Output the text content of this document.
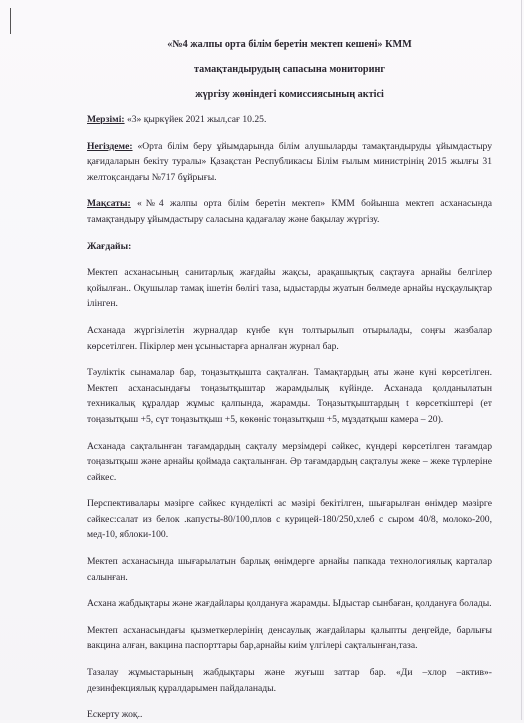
«№4 жалпы орта білім беретін мектеп кешені» КММ

тамақтандырудың сапасына мониторинг

жүргізу жөніндегі комиссиясының актісі

Мерзімі: «3» қыркүйек 2021 жыл,сағ 10.25.

Негіздеме: «Орта білім беру ұйымдарында білім алушыларды тамақтандыруды ұйымдастыру қағидаларын бекіту туралы» Қазақстан Республикасы Білім ғылым министрінің 2015 жылғы 31 желтоқсандағы №717 бұйрығы.

Мақсаты: «№4 жалпы орта білім беретін мектеп» КММ бойынша мектеп асханасында тамақтандыру ұйымдастыру саласына қадағалау және бақылау жүргізу.

Жағдайы:

Мектеп асханасының санитарлық жағдайы жақсы, арақашықтық сақтауға арнайы белгілер қойылған.. Оқушылар тамақ ішетін бөлігі таза, ыдыстарды жуатын бөлмеде арнайы нұсқаулықтар ілінген.

Асханада жүргізілетін журналдар күнбе күн толтырылып отырылады, соңғы жазбалар көрсетілген. Пікірлер мен ұсыныстарға арналған журнал бар.

Тәуліктік сынамалар бар, тоңазытқышта сақталған. Тамақтардың аты және күні көрсетілген. Мектеп асханасындағы тоңазытқыштар жарамдылық күйінде. Асханада қолданылатын техникалық құралдар жұмыс қалпында, жарамды. Тоңазытқыштардың t көрсеткіштері (ет тоңазытқыш +5, сүт тоңазытқыш +5, көкөніс тоңазытқыш +5, мұздатқыш камера – 20).

Асханада сақталынған тағамдардың сақталу мерзімдері сәйкес, күндері көрсетілген тағамдар тоңазытқыш және арнайы қоймада сақталынған. Әр тағамдардың сақталуы жеке – жеке түрлеріне сәйкес.

Перспективалары мәзірге сәйкес күнделікті ас мәзірі бекітілген, шығарылған өнімдер мәзірге сәйкес:салат из белок .капусты-80/100,плов с курицей-180/250,хлеб с сыром 40/8, молоко-200, мед-10, яблоки-100.

Мектеп асханасында шығарылатын барлық өнімдерге арнайы папкада технологиялық карталар салынған.

Асхана жабдықтары және жағдайлары қолдануға жарамды. Ыдыстар сынбаған, қолдануға болады.

Мектеп асханасындағы қызметкерлерінің денсаулық жағдайлары қалыпты деңгейде, барлығы вакцина алған, вакцина паспорттары бар,арнайы киім үлгілері сақталынған,таза.

Тазалау жұмыстарының жабдықтары және жуғыш заттар бар. «Ди –хлор –актив»-дезинфекциялық құралдарымен пайдаланады.

Ескерту жоқ..
